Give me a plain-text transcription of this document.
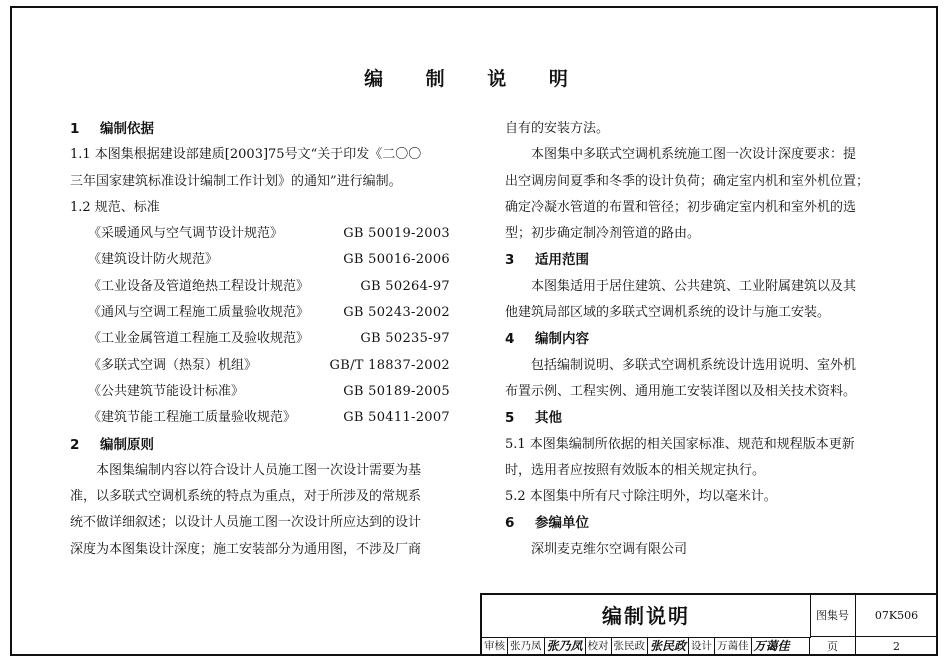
编 制 说 明
1 编制依据
1.1 本图集根据建设部建质[2003]75号文“关于印发《二〇〇
三年国家建筑标准设计编制工作计划》的通知”进行编制。
1.2 规范、标准
《采暖通风与空气调节设计规范》	GB 50019-2003
《建筑设计防火规范》	GB 50016-2006
《工业设备及管道绝热工程设计规范》	GB 50264-97
《通风与空调工程施工质量验收规范》	GB 50243-2002
《工业金属管道工程施工及验收规范》	GB 50235-97
《多联式空调（热泵）机组》	GB/T 18837-2002
《公共建筑节能设计标准》	GB 50189-2005
《建筑节能工程施工质量验收规范》	GB 50411-2007
2 编制原则
本图集编制内容以符合设计人员施工图一次设计需要为基
准，以多联式空调机系统的特点为重点，对于所涉及的常规系
统不做详细叙述；以设计人员施工图一次设计所应达到的设计
深度为本图集设计深度；施工安装部分为通用图，不涉及厂商
自有的安装方法。
本图集中多联式空调机系统施工图一次设计深度要求：提
出空调房间夏季和冬季的设计负荷；确定室内机和室外机位置；
确定冷凝水管道的布置和管径；初步确定室内机和室外机的选
型；初步确定制冷剂管道的路由。
3 适用范围
本图集适用于居住建筑、公共建筑、工业附属建筑以及其
他建筑局部区域的多联式空调机系统的设计与施工安装。
4 编制内容
包括编制说明、多联式空调机系统设计选用说明、室外机
布置示例、工程实例、通用施工安装详图以及相关技术资料。
5 其他
5.1 本图集编制所依据的相关国家标准、规范和规程版本更新
时，选用者应按照有效版本的相关规定执行。
5.2 本图集中所有尺寸除注明外，均以毫米计。
6 参编单位
深圳麦克维尔空调有限公司
编制说明	图集号	07K506
页	2
审核 张乃凤 张乃凤 校对 张民政 张民政 设计 万蔼佳 万蔼佳
